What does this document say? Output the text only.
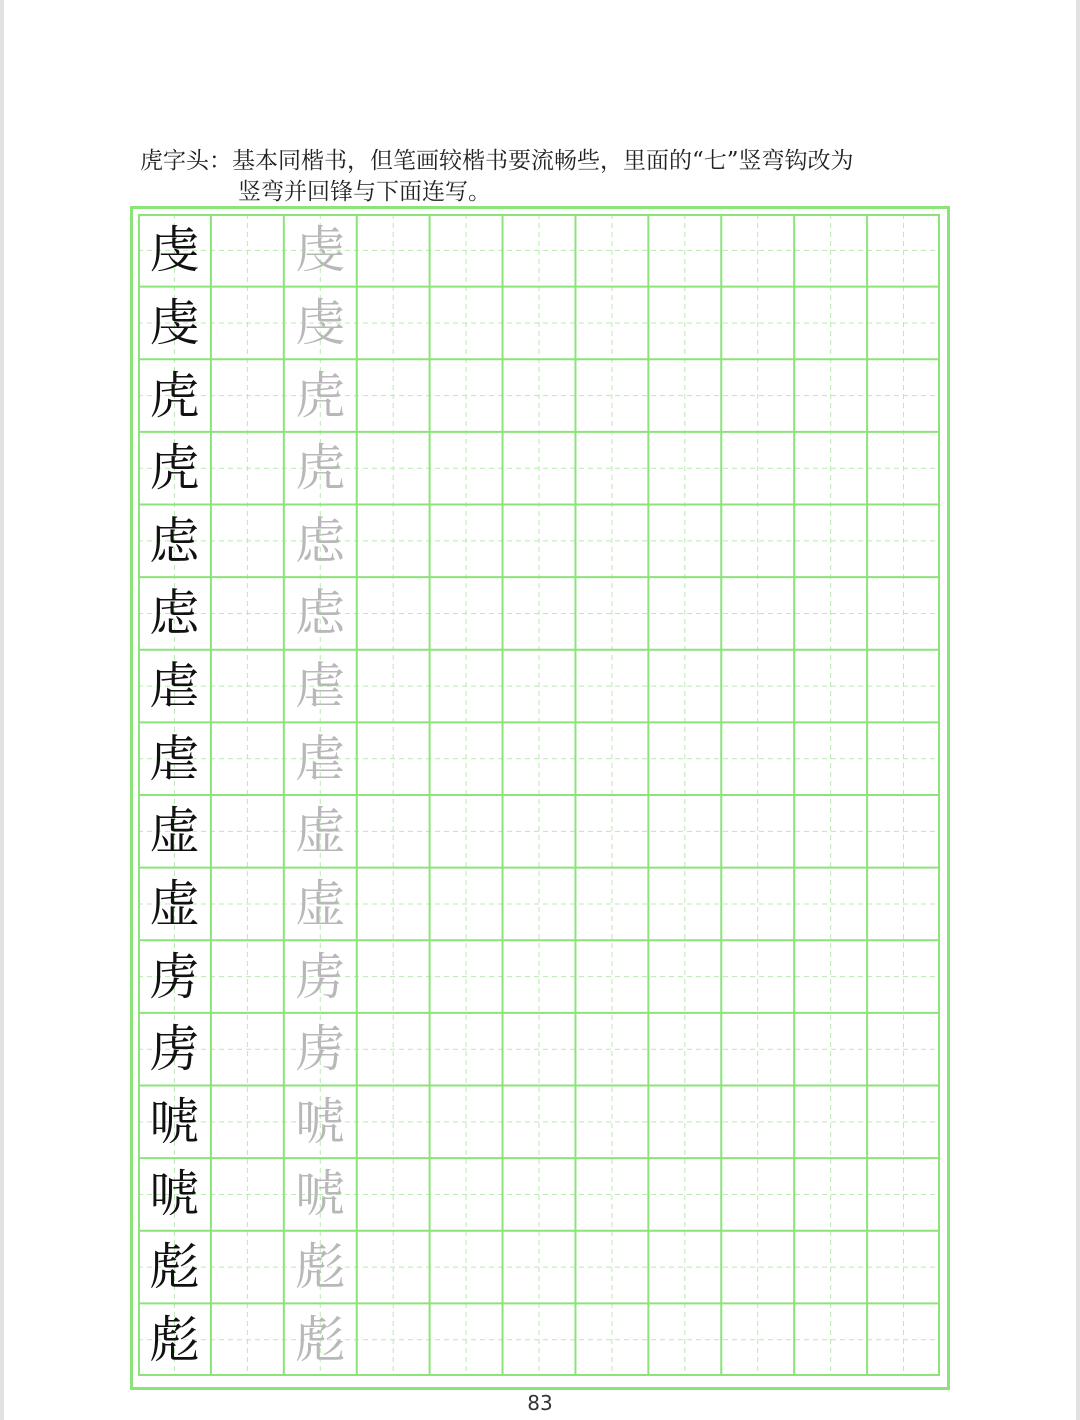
虎字头：基本同楷书，但笔画较楷书要流畅些，里面的“七”竖弯钩改为
竖弯并回锋与下面连写。
虔 虔
虔 虔
虎 虎
虎 虎
虑 虑
虑 虑
虐 虐
虐 虐
虚 虚
虚 虚
虏 虏
虏 虏
唬 唬
唬 唬
彪 彪
彪 彪
83
